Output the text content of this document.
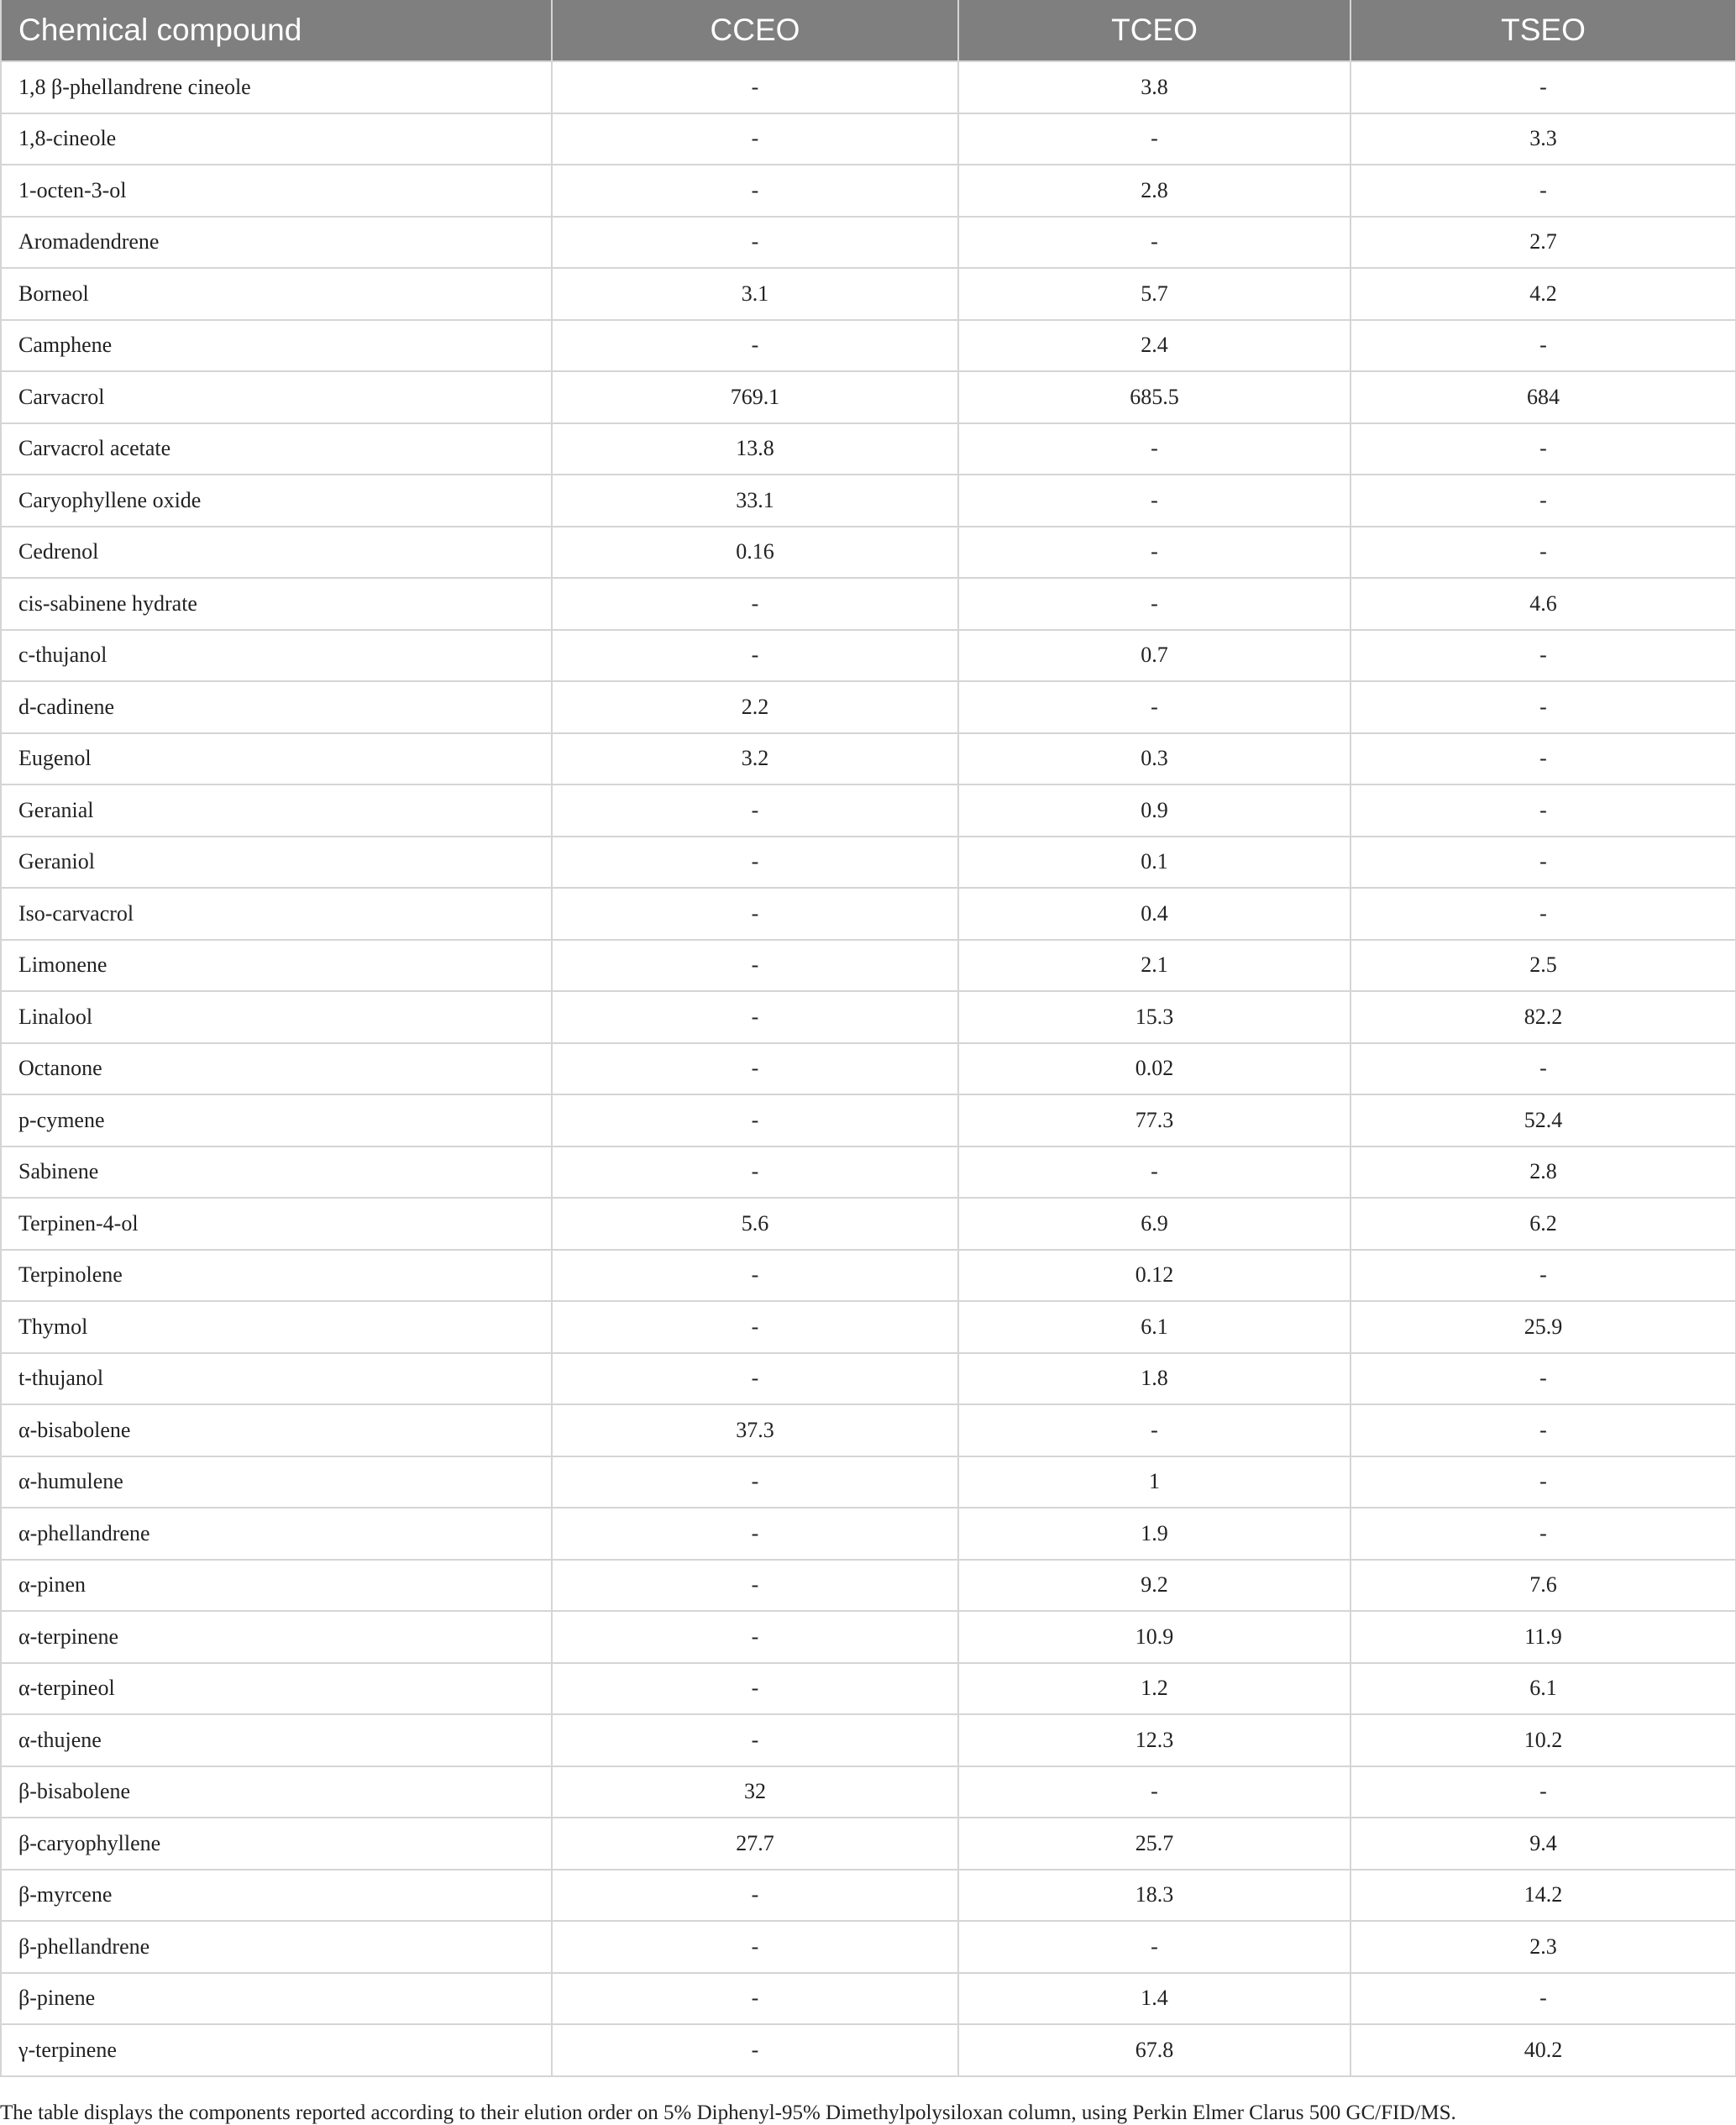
Chemical compound	CCEO	TCEO	TSEO
1,8 β-phellandrene cineole	-	3.8	-
1,8-cineole	-	-	3.3
1-octen-3-ol	-	2.8	-
Aromadendrene	-	-	2.7
Borneol	3.1	5.7	4.2
Camphene	-	2.4	-
Carvacrol	769.1	685.5	684
Carvacrol acetate	13.8	-	-
Caryophyllene oxide	33.1	-	-
Cedrenol	0.16	-	-
cis-sabinene hydrate	-	-	4.6
c-thujanol	-	0.7	-
d-cadinene	2.2	-	-
Eugenol	3.2	0.3	-
Geranial	-	0.9	-
Geraniol	-	0.1	-
Iso-carvacrol	-	0.4	-
Limonene	-	2.1	2.5
Linalool	-	15.3	82.2
Octanone	-	0.02	-
p-cymene	-	77.3	52.4
Sabinene	-	-	2.8
Terpinen-4-ol	5.6	6.9	6.2
Terpinolene	-	0.12	-
Thymol	-	6.1	25.9
t-thujanol	-	1.8	-
α-bisabolene	37.3	-	-
α-humulene	-	1	-
α-phellandrene	-	1.9	-
α-pinen	-	9.2	7.6
α-terpinene	-	10.9	11.9
α-terpineol	-	1.2	6.1
α-thujene	-	12.3	10.2
β-bisabolene	32	-	-
β-caryophyllene	27.7	25.7	9.4
β-myrcene	-	18.3	14.2
β-phellandrene	-	-	2.3
β-pinene	-	1.4	-
γ-terpinene	-	67.8	40.2
The table displays the components reported according to their elution order on 5% Diphenyl-95% Dimethylpolysiloxan column, using Perkin Elmer Clarus 500 GC/FID/MS.
